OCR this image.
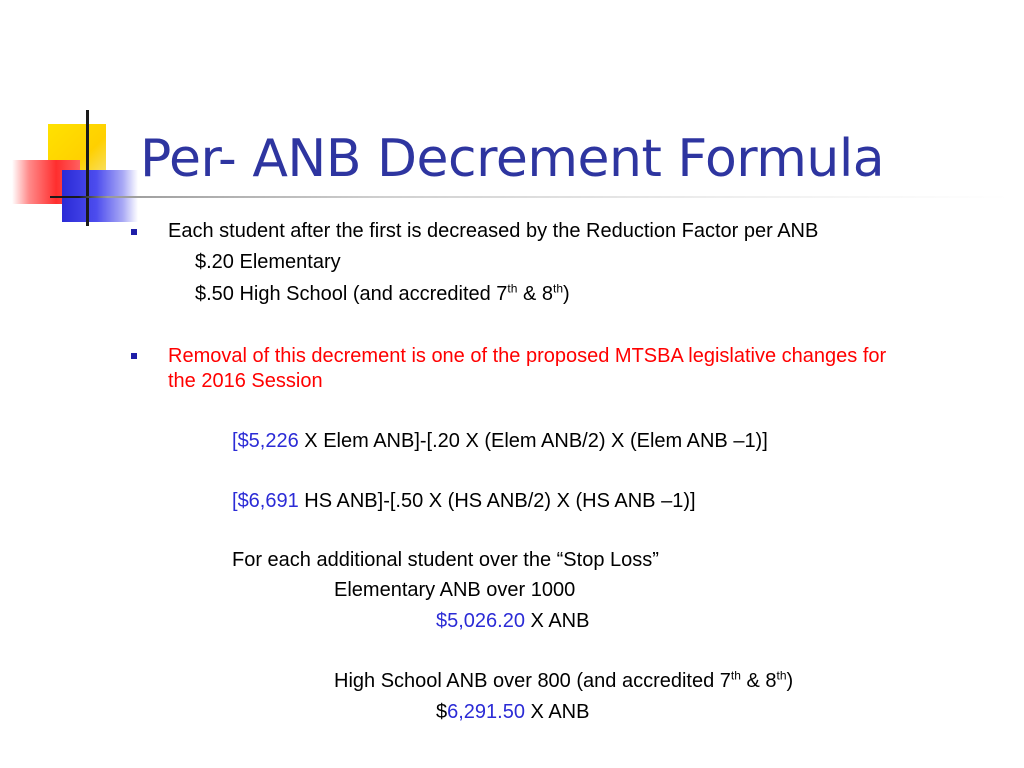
Per- ANB Decrement Formula
Each student after the first is decreased by the Reduction Factor per ANB
$.20 Elementary
$.50 High School (and accredited 7th & 8th)
Removal of this decrement is one of the proposed MTSBA legislative changes for
the 2016 Session
[$5,226 X Elem ANB]-[.20 X (Elem ANB/2) X (Elem ANB –1)]
[$6,691 HS ANB]-[.50 X (HS ANB/2) X (HS ANB –1)]
For each additional student over the “Stop Loss”
Elementary ANB over 1000
$5,026.20 X ANB
High School ANB over 800 (and accredited 7th & 8th)
$6,291.50 X ANB
